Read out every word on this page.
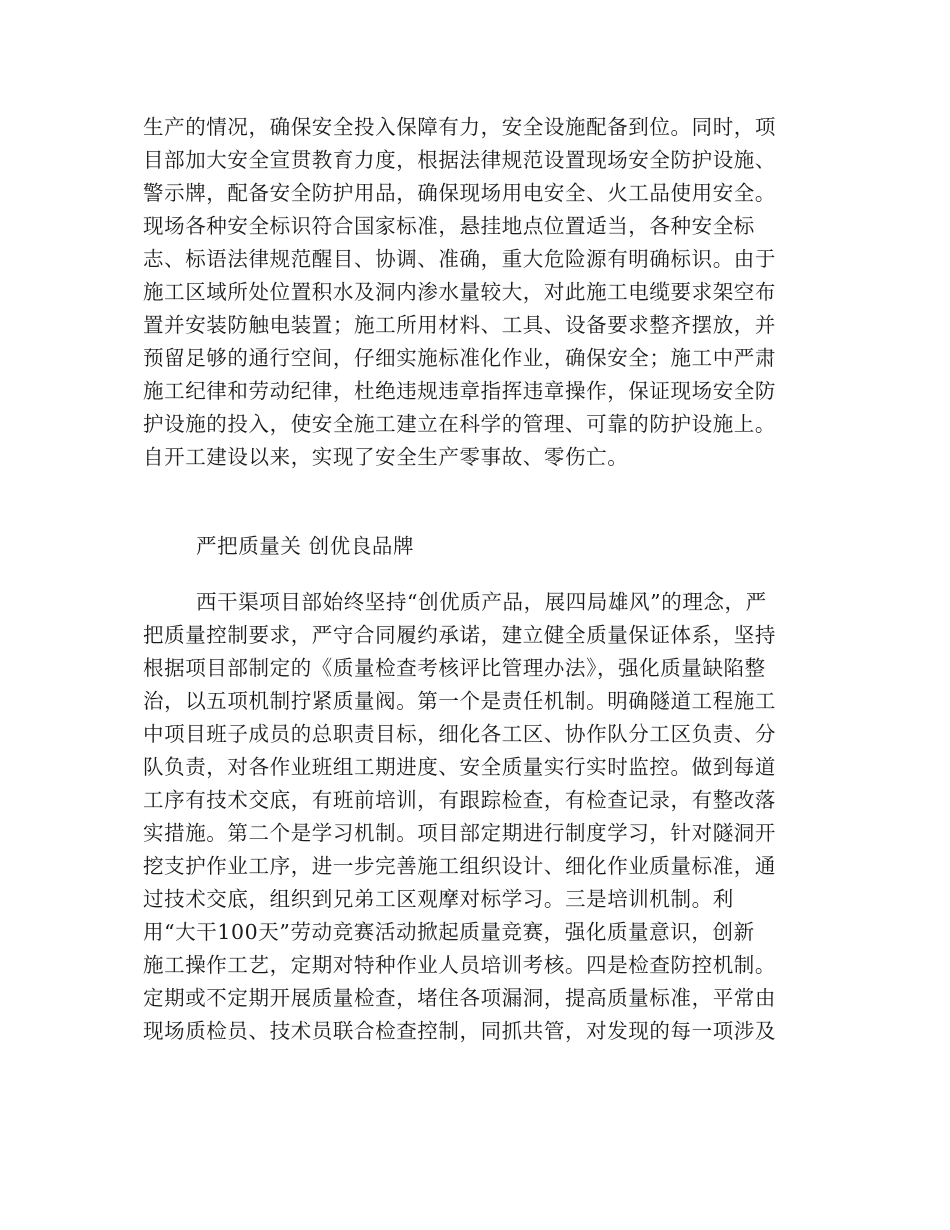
生产的情况，确保安全投入保障有力，安全设施配备到位。同时，项
目部加大安全宣贯教育力度，根据法律规范设置现场安全防护设施、
警示牌，配备安全防护用品，确保现场用电安全、火工品使用安全。
现场各种安全标识符合国家标准，悬挂地点位置适当，各种安全标
志、标语法律规范醒目、协调、准确，重大危险源有明确标识。由于
施工区域所处位置积水及洞内渗水量较大，对此施工电缆要求架空布
置并安装防触电装置；施工所用材料、工具、设备要求整齐摆放，并
预留足够的通行空间，仔细实施标准化作业，确保安全；施工中严肃
施工纪律和劳动纪律，杜绝违规违章指挥违章操作，保证现场安全防
护设施的投入，使安全施工建立在科学的管理、可靠的防护设施上。
自开工建设以来，实现了安全生产零事故、零伤亡。
严把质量关 创优良品牌
西干渠项目部始终坚持“创优质产品，展四局雄风”的理念，严
把质量控制要求，严守合同履约承诺，建立健全质量保证体系，坚持
根据项目部制定的《质量检查考核评比管理办法》，强化质量缺陷整
治，以五项机制拧紧质量阀。第一个是责任机制。明确隧道工程施工
中项目班子成员的总职责目标，细化各工区、协作队分工区负责、分
队负责，对各作业班组工期进度、安全质量实行实时监控。做到每道
工序有技术交底，有班前培训，有跟踪检查，有检查记录，有整改落
实措施。第二个是学习机制。项目部定期进行制度学习，针对隧洞开
挖支护作业工序，进一步完善施工组织设计、细化作业质量标准，通
过技术交底，组织到兄弟工区观摩对标学习。三是培训机制。利
用“大干100天”劳动竞赛活动掀起质量竞赛，强化质量意识，创新
施工操作工艺，定期对特种作业人员培训考核。四是检查防控机制。
定期或不定期开展质量检查，堵住各项漏洞，提高质量标准，平常由
现场质检员、技术员联合检查控制，同抓共管，对发现的每一项涉及
